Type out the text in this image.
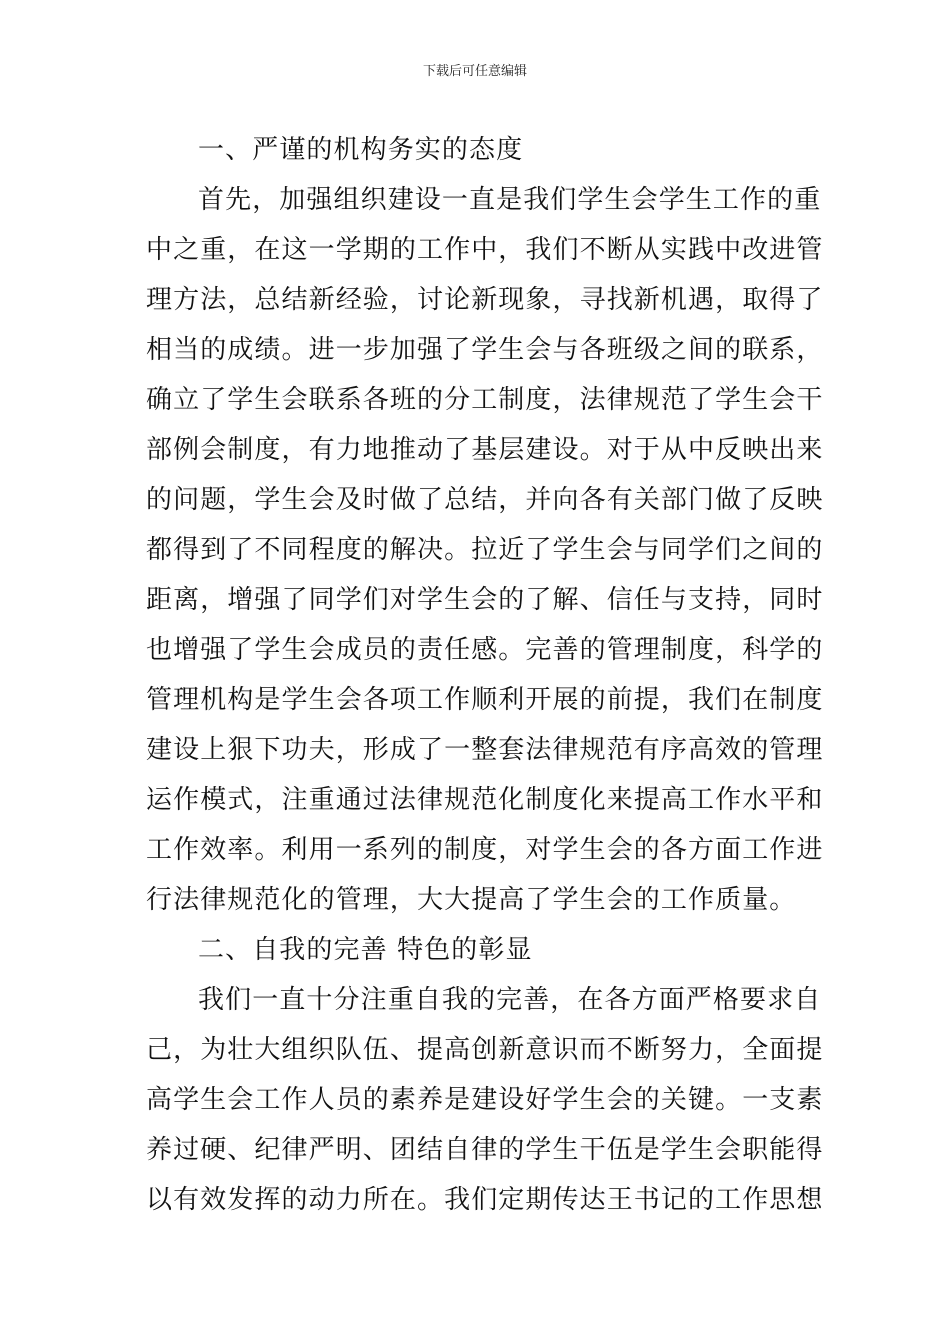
下载后可任意编辑
一、严谨的机构务实的态度
首先，加强组织建设一直是我们学生会学生工作的重
中之重，在这一学期的工作中，我们不断从实践中改进管
理方法，总结新经验，讨论新现象，寻找新机遇，取得了
相当的成绩。进一步加强了学生会与各班级之间的联系，
确立了学生会联系各班的分工制度，法律规范了学生会干
部例会制度，有力地推动了基层建设。对于从中反映出来
的问题，学生会及时做了总结，并向各有关部门做了反映
都得到了不同程度的解决。拉近了学生会与同学们之间的
距离，增强了同学们对学生会的了解、信任与支持，同时
也增强了学生会成员的责任感。完善的管理制度，科学的
管理机构是学生会各项工作顺利开展的前提，我们在制度
建设上狠下功夫，形成了一整套法律规范有序高效的管理
运作模式，注重通过法律规范化制度化来提高工作水平和
工作效率。利用一系列的制度，对学生会的各方面工作进
行法律规范化的管理，大大提高了学生会的工作质量。
二、自我的完善 特色的彰显
我们一直十分注重自我的完善，在各方面严格要求自
己，为壮大组织队伍、提高创新意识而不断努力，全面提
高学生会工作人员的素养是建设好学生会的关键。一支素
养过硬、纪律严明、团结自律的学生干伍是学生会职能得
以有效发挥的动力所在。我们定期传达王书记的工作思想
